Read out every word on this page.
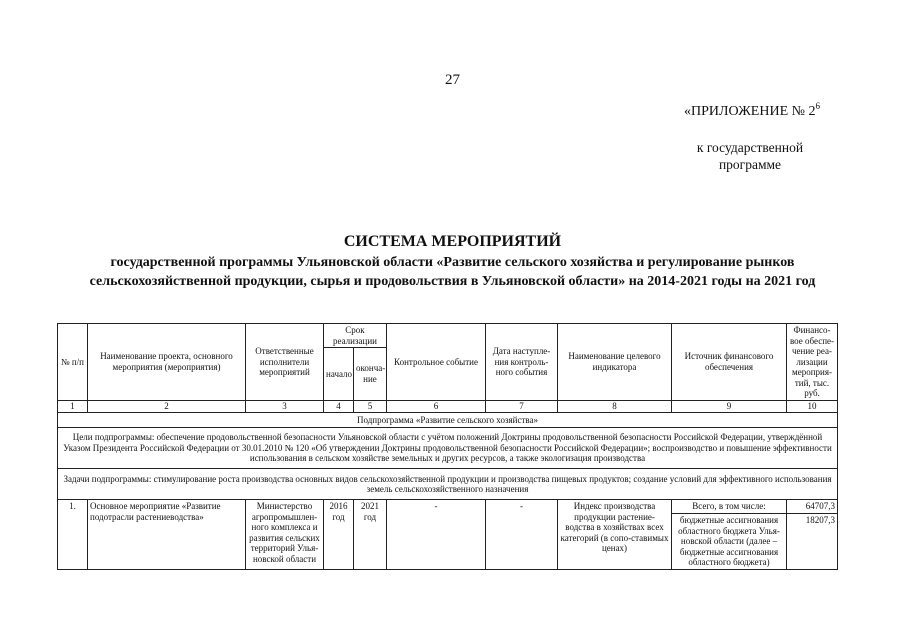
27
«ПРИЛОЖЕНИЕ № $2^6$
к государственной
программе
СИСТЕМА МЕРОПРИЯТИЙ
государственной программы Ульяновской области «Развитие сельского хозяйства и регулирование рынков сельскохозяйственной продукции, сырья и продовольствия в Ульяновской области» на 2014-2021 годы на 2021 год
№ п/п	Наименование проекта, основного мероприятия (мероприятия)	Ответственные исполнители мероприятий	Срок реализации		Контрольное событие	Дата наступле-ния контроль-ного события	Наименование целевого индикатора	Источник финансового обеспечения	Финансо-вое обеспе-чение реа-лизации мероприя-тий, тыс. руб.
			начало	оконча-ние					
1	2	3	4	5	6	7	8	9	10
Подпрограмма «Развитие сельского хозяйства»									
Цели подпрограммы: обеспечение продовольственной безопасности Ульяновской области с учётом положений Доктрины продовольственной безопасности Российской Федерации, утверждённой Указом Президента Российской Федерации от 30.01.2010 № 120 «Об утверждении Доктрины продовольственной безопасности Российской Федерации»; воспроизводство и повышение эффективности использования в сельском хозяйстве земельных и других ресурсов, а также экологизация производства									
Задачи подпрограммы: стимулирование роста производства основных видов сельскохозяйственной продукции и производства пищевых продуктов; создание условий для эффективного использования земель сельскохозяйственного назначения									
1.	Основное мероприятие «Развитие подотрасли растениеводства»	Министерство агропромышлен-ного комплекса и развития сельских территорий Улья-новской области	2016 год	2021 год	-	-	Индекс производства продукции растение-водства в хозяйствах всех категорий (в сопо-ставимых ценах)	Всего, в том числе:	64707,3
								бюджетные ассигнования областного бюджета Улья-новской области (далее – бюджетные ассигнования областного бюджета)	18207,3
